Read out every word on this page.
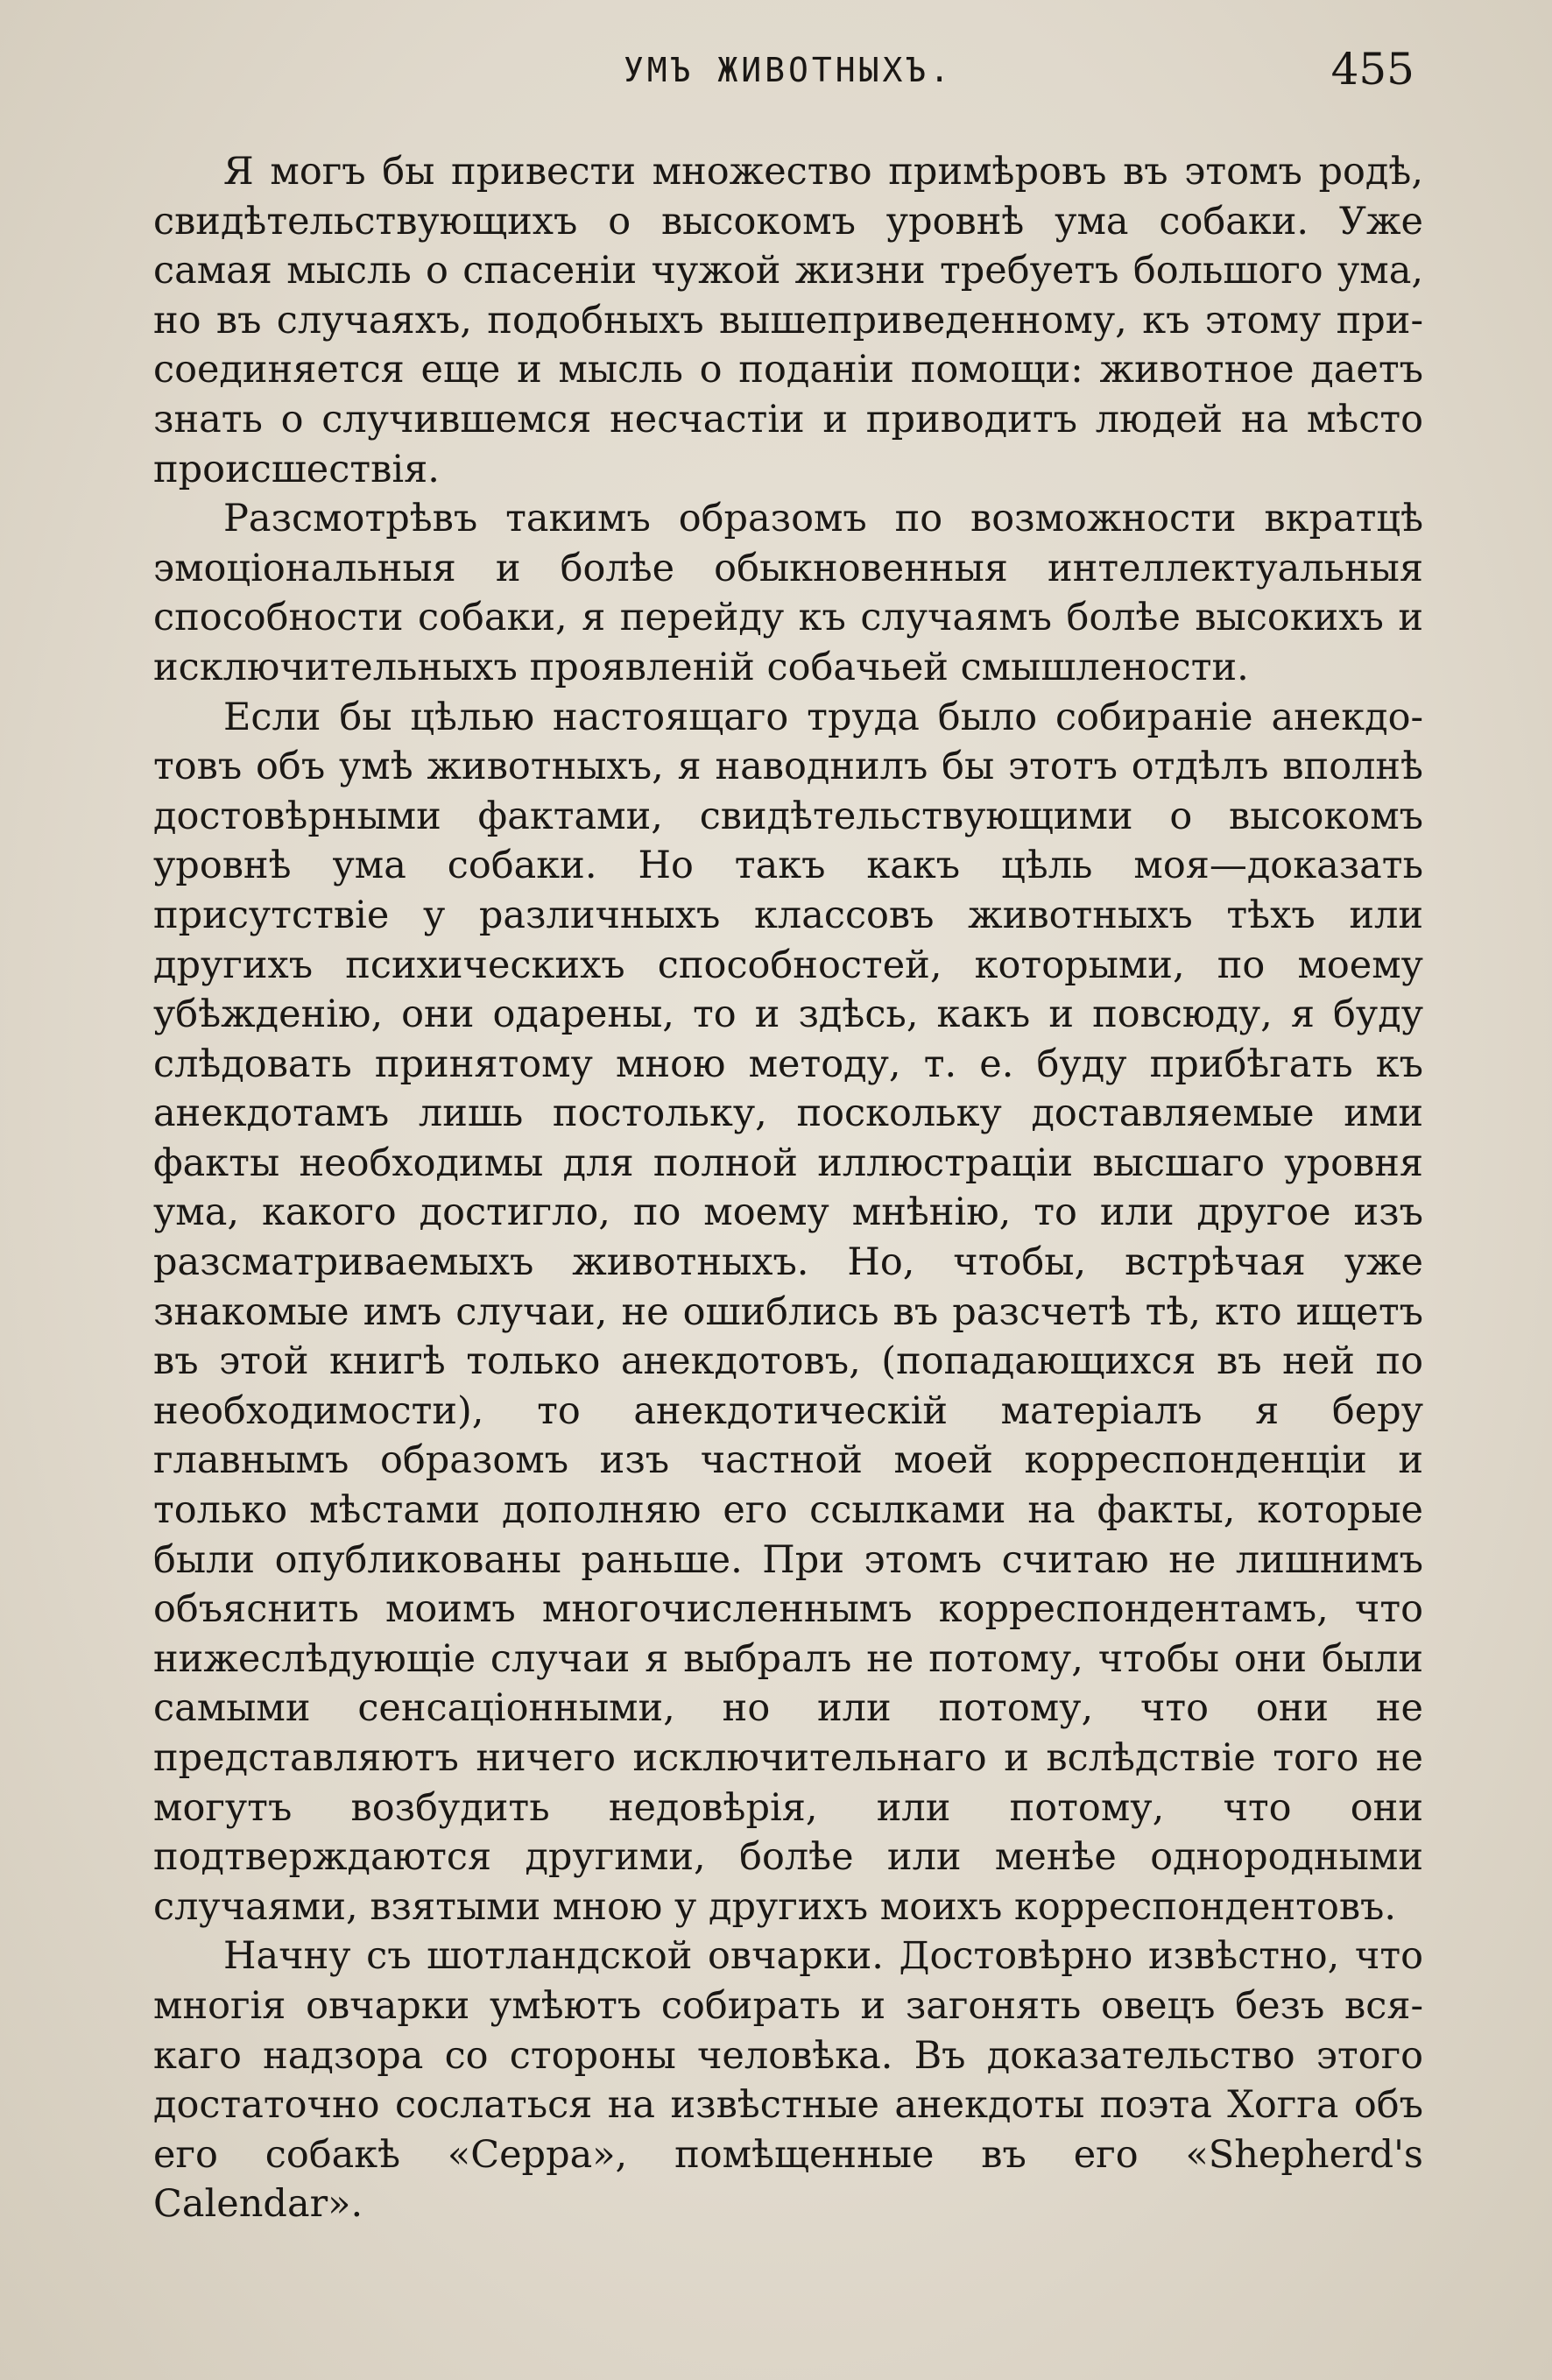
УМЪ ЖИВОТНЫХЪ.	455

Я могъ бы привести множество примѣровъ въ этомъ родѣ, свидѣтельствующихъ о высокомъ уровнѣ ума собаки. Уже самая мысль о спасеніи чужой жизни требуетъ большого ума, но въ случаяхъ, подобныхъ вышеприведенному, къ этому присоединяется еще и мысль о поданіи помощи: животное даетъ знать о случившемся несчастіи и приводитъ людей на мѣсто происшествія.

Разсмотрѣвъ такимъ образомъ по возможности вкратцѣ эмоціональныя и болѣе обыкновенныя интеллектуальныя способности собаки, я перейду къ случаямъ болѣе высокихъ и исключительныхъ проявленій собачьей смышлености.

Если бы цѣлью настоящаго труда было собираніе анекдотовъ объ умѣ животныхъ, я наводнилъ бы этотъ отдѣлъ вполнѣ достовѣрными фактами, свидѣтельствующими о высокомъ уровнѣ ума собаки. Но такъ какъ цѣль моя—доказать присутствіе у различныхъ классовъ животныхъ тѣхъ или другихъ психическихъ способностей, которыми, по моему убѣжденію, они одарены, то и здѣсь, какъ и повсюду, я буду слѣдовать принятому мною методу, т. е. буду прибѣгать къ анекдотамъ лишь постольку, поскольку доставляемые ими факты необходимы для полной иллюстраціи высшаго уровня ума, какого достигло, по моему мнѣнію, то или другое изъ разсматриваемыхъ животныхъ. Но, чтобы, встрѣчая уже знакомые имъ случаи, не ошиблись въ разсчетѣ тѣ, кто ищетъ въ этой книгѣ только анекдотовъ, (попадающихся въ ней по необходимости), то анекдотическій матеріалъ я беру главнымъ образомъ изъ частной моей корреспонденціи и только мѣстами дополняю его ссылками на факты, которые были опубликованы раньше. При этомъ считаю не лишнимъ объяснить моимъ многочисленнымъ корреспондентамъ, что нижеслѣдующіе случаи я выбралъ не потому, чтобы они были самыми сенсаціонными, но или потому, что они не представляютъ ничего исключительнаго и вслѣдствіе того не могутъ возбудить недовѣрія, или потому, что они подтверждаются другими, болѣе или менѣе однородными случаями, взятыми мною у другихъ моихъ корреспондентовъ.

Начну съ шотландской овчарки. Достовѣрно извѣстно, что многія овчарки умѣютъ собирать и загонять овецъ безъ всякаго надзора со стороны человѣка. Въ доказательство этого достаточно сослаться на извѣстные анекдоты поэта Хогга объ его собакѣ «Серра», помѣщенные въ его «Shepherd's Calendar».
